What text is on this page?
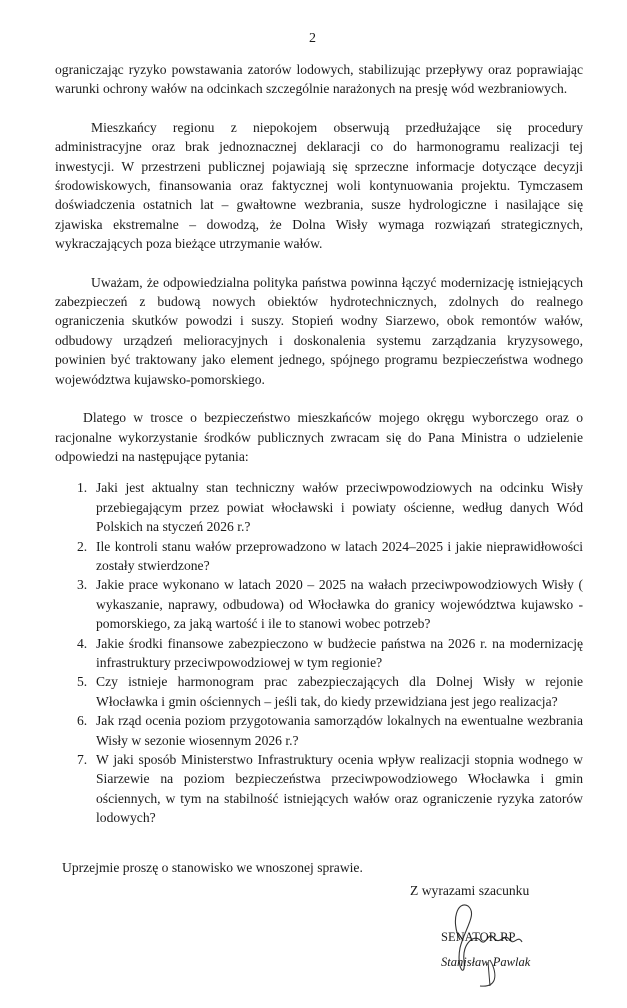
2

ograniczając ryzyko powstawania zatorów lodowych, stabilizując przepływy oraz poprawiając warunki ochrony wałów na odcinkach szczególnie narażonych na presję wód wezbraniowych.

Mieszkańcy regionu z niepokojem obserwują przedłużające się procedury administracyjne oraz brak jednoznacznej deklaracji co do harmonogramu realizacji tej inwestycji. W przestrzeni publicznej pojawiają się sprzeczne informacje dotyczące decyzji środowiskowych, finansowania oraz faktycznej woli kontynuowania projektu. Tymczasem doświadczenia ostatnich lat – gwałtowne wezbrania, susze hydrologiczne i nasilające się zjawiska ekstremalne – dowodzą, że Dolna Wisły wymaga rozwiązań strategicznych, wykraczających poza bieżące utrzymanie wałów.

Uważam, że odpowiedzialna polityka państwa powinna łączyć modernizację istniejących zabezpieczeń z budową nowych obiektów hydrotechnicznych, zdolnych do realnego ograniczenia skutków powodzi i suszy. Stopień wodny Siarzewo, obok remontów wałów, odbudowy urządzeń melioracyjnych i doskonalenia systemu zarządzania kryzysowego, powinien być traktowany jako element jednego, spójnego programu bezpieczeństwa wodnego województwa kujawsko-pomorskiego.

Dlatego w trosce o bezpieczeństwo mieszkańców mojego okręgu wyborczego oraz o racjonalne wykorzystanie środków publicznych zwracam się do Pana Ministra o udzielenie odpowiedzi na następujące pytania:

1. Jaki jest aktualny stan techniczny wałów przeciwpowodziowych na odcinku Wisły przebiegającym przez powiat włocławski i powiaty ościenne, według danych Wód Polskich na styczeń 2026 r.?
2. Ile kontroli stanu wałów przeprowadzono w latach 2024–2025 i jakie nieprawidłowości zostały stwierdzone?
3. Jakie prace wykonano w latach 2020 – 2025 na wałach przeciwpowodziowych Wisły ( wykaszanie, naprawy, odbudowa) od Włocławka do granicy województwa kujawsko - pomorskiego, za jaką wartość i ile to stanowi wobec potrzeb?
4. Jakie środki finansowe zabezpieczono w budżecie państwa na 2026 r. na modernizację infrastruktury przeciwpowodziowej w tym regionie?
5. Czy istnieje harmonogram prac zabezpieczających dla Dolnej Wisły w rejonie Włocławka i gmin ościennych – jeśli tak, do kiedy przewidziana jest jego realizacja?
6. Jak rząd ocenia poziom przygotowania samorządów lokalnych na ewentualne wezbrania Wisły w sezonie wiosennym 2026 r.?
7. W jaki sposób Ministerstwo Infrastruktury ocenia wpływ realizacji stopnia wodnego w Siarzewie na poziom bezpieczeństwa przeciwpowodziowego Włocławka i gmin ościennych, w tym na stabilność istniejących wałów oraz ograniczenie ryzyka zatorów lodowych?
Uprzejmie proszę o stanowisko we wnoszonej sprawie.
Z wyrazami szacunku
SENATOR RP
Stanisław Pawlak
